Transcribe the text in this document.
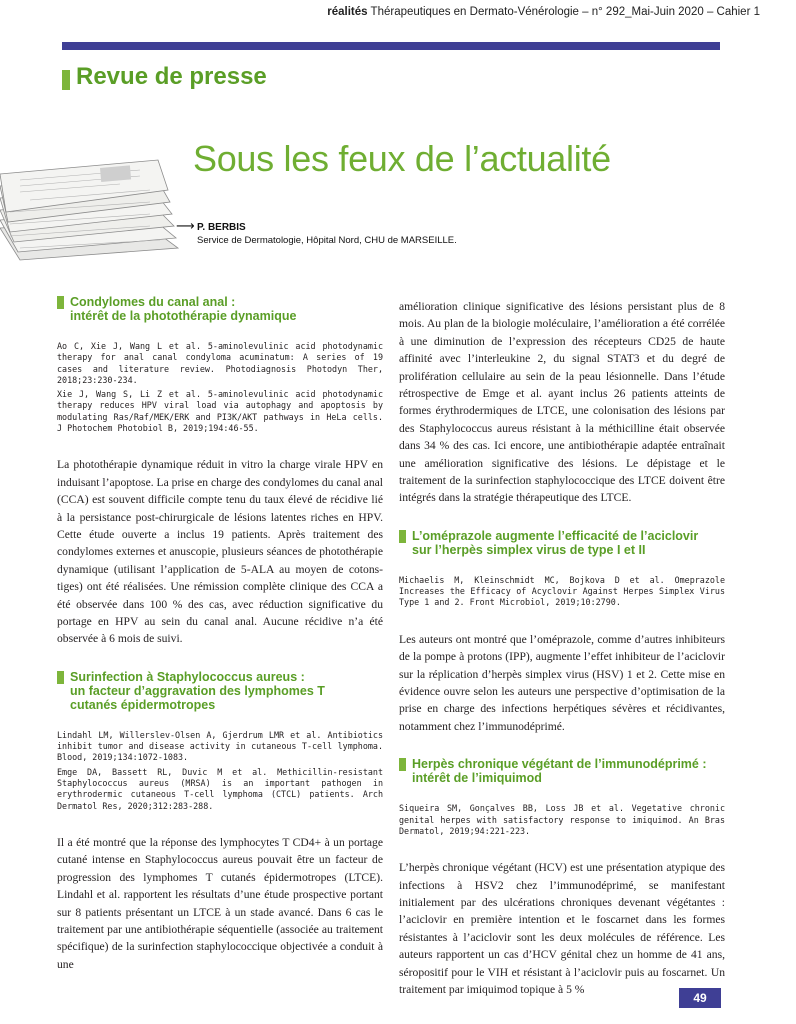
réalités Thérapeutiques en Dermato-Vénérologie – n° 292_Mai-Juin 2020 – Cahier 1
Revue de presse
Sous les feux de l’actualité
⟶ P. BERBIS
Service de Dermatologie, Hôpital Nord, CHU de MARSEILLE.
Condylomes du canal anal :
intérêt de la photothérapie dynamique

Ao C, Xie J, Wang L et al. 5-aminolevulinic acid photodynamic therapy for anal canal condyloma acuminatum: A series of 19 cases and literature review. Photodiagnosis Photodyn Ther, 2018;23:230-234.

Xie J, Wang S, Li Z et al. 5-aminolevulinic acid photodynamic therapy reduces HPV viral load via autophagy and apoptosis by modulating Ras/Raf/MEK/ERK and PI3K/AKT pathways in HeLa cells. J Photochem Photobiol B, 2019;194:46-55.

La photothérapie dynamique réduit in vitro la charge virale HPV en induisant l’apoptose. La prise en charge des condylomes du canal anal (CCA) est souvent difficile compte tenu du taux élevé de récidive lié à la persistance post-chirurgicale de lésions latentes riches en HPV. Cette étude ouverte a inclus 19 patients. Après traitement des condylomes externes et anuscopie, plusieurs séances de photothérapie dynamique (utilisant l’application de 5-ALA au moyen de cotons-tiges) ont été réalisées. Une rémission complète clinique des CCA a été observée dans 100 % des cas, avec réduction significative du portage en HPV au sein du canal anal. Aucune récidive n’a été observée à 6 mois de suivi.

Surinfection à Staphylococcus aureus :
un facteur d’aggravation des lymphomes T
cutanés épidermotropes

Lindahl LM, Willerslev-Olsen A, Gjerdrum LMR et al. Antibiotics inhibit tumor and disease activity in cutaneous T-cell lymphoma. Blood, 2019;134:1072-1083.

Emge DA, Bassett RL, Duvic M et al. Methicillin-resistant Staphylococcus aureus (MRSA) is an important pathogen in erythrodermic cutaneous T-cell lymphoma (CTCL) patients. Arch Dermatol Res, 2020;312:283-288.

Il a été montré que la réponse des lymphocytes T CD4+ à un portage cutané intense en Staphylococcus aureus pouvait être un facteur de progression des lymphomes T cutanés épidermotropes (LTCE). Lindahl et al. rapportent les résultats d’une étude prospective portant sur 8 patients présentant un LTCE à un stade avancé. Dans 6 cas le traitement par une antibiothérapie séquentielle (associée au traitement spécifique) de la surinfection staphylococcique objectivée a conduit à une

amélioration clinique significative des lésions persistant plus de 8 mois. Au plan de la biologie moléculaire, l’amélioration a été corrélée à une diminution de l’expression des récepteurs CD25 de haute affinité avec l’interleukine 2, du signal STAT3 et du degré de prolifération cellulaire au sein de la peau lésionnelle. Dans l’étude rétrospective de Emge et al. ayant inclus 26 patients atteints de formes érythrodermiques de LTCE, une colonisation des lésions par des Staphylococcus aureus résistant à la méthicilline était observée dans 34 % des cas. Ici encore, une antibiothérapie adaptée entraînait une amélioration significative des lésions. Le dépistage et le traitement de la surinfection staphylococcique des LTCE doivent être intégrés dans la stratégie thérapeutique des LTCE.

L’oméprazole augmente l’efficacité de l’aciclovir
sur l’herpès simplex virus de type I et II

Michaelis M, Kleinschmidt MC, Bojkova D et al. Omeprazole Increases the Efficacy of Acyclovir Against Herpes Simplex Virus Type 1 and 2. Front Microbiol, 2019;10:2790.

Les auteurs ont montré que l’oméprazole, comme d’autres inhibiteurs de la pompe à protons (IPP), augmente l’effet inhibiteur de l’aciclovir sur la réplication d’herpès simplex virus (HSV) 1 et 2. Cette mise en évidence ouvre selon les auteurs une perspective d’optimisation de la prise en charge des infections herpétiques sévères et récidivantes, notamment chez l’immunodéprimé.

Herpès chronique végétant de l’immunodéprimé :
intérêt de l’imiquimod

Siqueira SM, Gonçalves BB, Loss JB et al. Vegetative chronic genital herpes with satisfactory response to imiquimod. An Bras Dermatol, 2019;94:221-223.

L’herpès chronique végétant (HCV) est une présentation atypique des infections à HSV2 chez l’immunodéprimé, se manifestant initialement par des ulcérations chroniques devenant végétantes : l’aciclovir en première intention et le foscarnet dans les formes résistantes à l’aciclovir sont les deux molécules de référence. Les auteurs rapportent un cas d’HCV génital chez un homme de 41 ans, séropositif pour le VIH et résistant à l’aciclovir puis au foscarnet. Un traitement par imiquimod topique à 5 %

49
